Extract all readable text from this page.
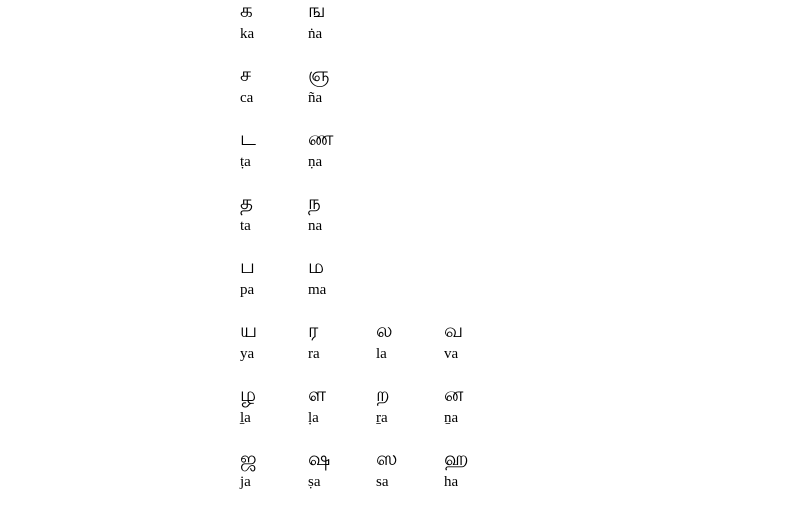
க	ங
ka	ṅa
ச	ஞ
ca	ña
ட	ண
ṭa	ṇa
த	ந
ta	na
ப	ம
pa	ma
ய	ர	ல	வ
ya	ra	la	va
ழ	ள	ற	ன
ḻa	ḷa	ṟa	ṉa
ஜ	ஷ	ஸ	ஹ
ja	ṣa	sa	ha
